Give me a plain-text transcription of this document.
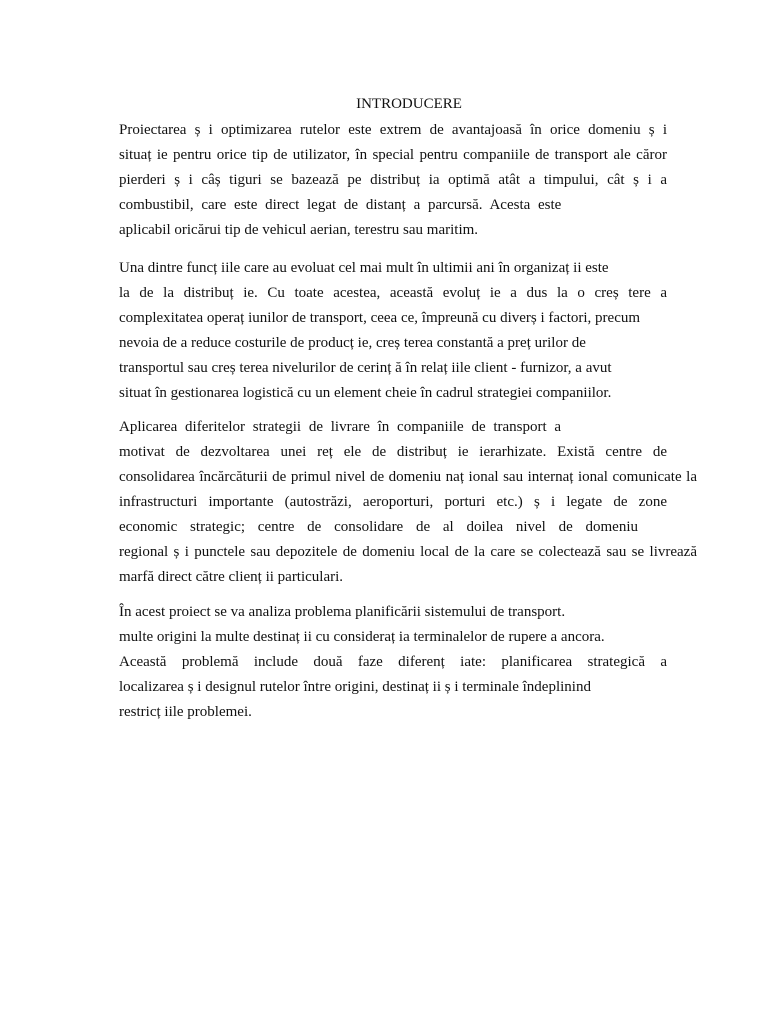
INTRODUCERE
Proiectarea ș i optimizarea rutelor este extrem de avantajoasă în orice domeniu ș i
situaț ie pentru orice tip de utilizator, în special pentru companiile de transport ale căror
pierderi ș i câș tiguri se bazează pe distribuț ia optimă atât a timpului, cât ș i a
combustibil, care este direct legat de distanț a parcursă. Acesta este
aplicabil oricărui tip de vehicul aerian, terestru sau maritim.
Una dintre funcț iile care au evoluat cel mai mult în ultimii ani în organizaț ii este
la de la distribuț ie. Cu toate acestea, această evoluț ie a dus la o creș tere a
complexitatea operaț iunilor de transport, ceea ce, împreună cu diverș i factori, precum
nevoia de a reduce costurile de producț ie, creș terea constantă a preț urilor de
transportul sau creș terea nivelurilor de cerinț ă în relaț iile client - furnizor, a avut
situat în gestionarea logistică cu un element cheie în cadrul strategiei companiilor.
Aplicarea diferitelor strategii de livrare în companiile de transport a
motivat de dezvoltarea unei reț ele de distribuț ie ierarhizate. Există centre de
consolidarea încărcăturii de primul nivel de domeniu naț ional sau internaț ional comunicate la
infrastructuri importante (autostrăzi, aeroporturi, porturi etc.) ș i legate de zone
economic strategic; centre de consolidare de al doilea nivel de domeniu
regional ș i punctele sau depozitele de domeniu local de la care se colectează sau se livrează
marfă direct către clienț ii particulari.
În acest proiect se va analiza problema planificării sistemului de transport.
multe origini la multe destinaț ii cu consideraț ia terminalelor de rupere a ancora.
Această problemă include două faze diferenț iate: planificarea strategică a
localizarea ș i designul rutelor între origini, destinaț ii ș i terminale îndeplinind
restricț iile problemei.
